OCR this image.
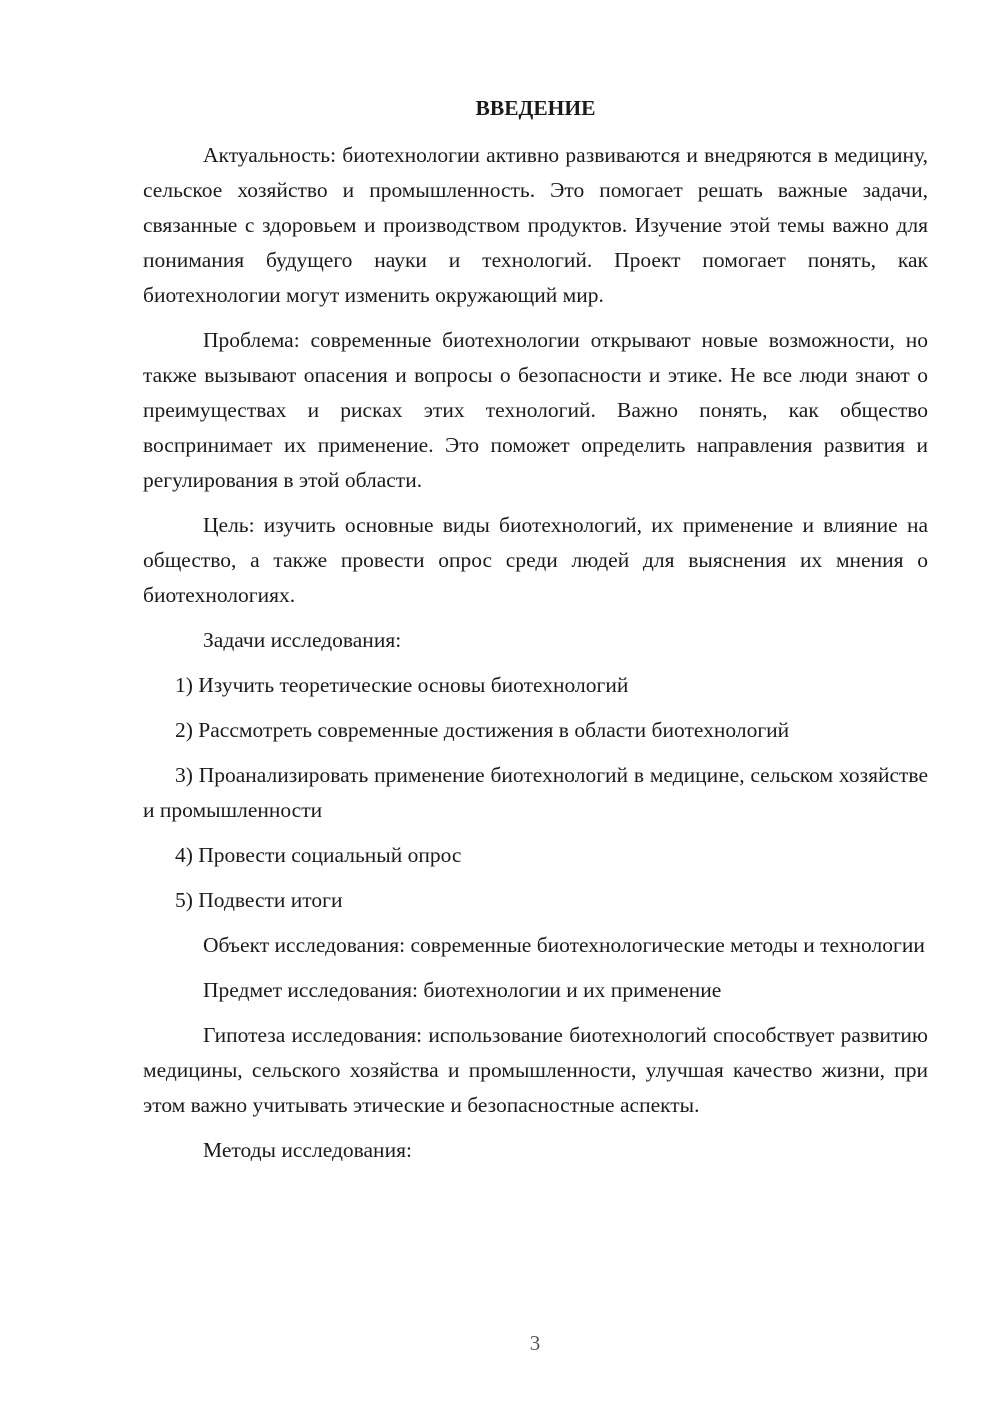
ВВЕДЕНИЕ

Актуальность: биотехнологии активно развиваются и внедряются в медицину, сельское хозяйство и промышленность. Это помогает решать важные задачи, связанные с здоровьем и производством продуктов. Изучение этой темы важно для понимания будущего науки и технологий. Проект помогает понять, как биотехнологии могут изменить окружающий мир.

Проблема: современные биотехнологии открывают новые возможности, но также вызывают опасения и вопросы о безопасности и этике. Не все люди знают о преимуществах и рисках этих технологий. Важно понять, как общество воспринимает их применение. Это поможет определить направления развития и регулирования в этой области.

Цель: изучить основные виды биотехнологий, их применение и влияние на общество, а также провести опрос среди людей для выяснения их мнения о биотехнологиях.

Задачи исследования:

1) Изучить теоретические основы биотехнологий

2) Рассмотреть современные достижения в области биотехнологий

3) Проанализировать применение биотехнологий в медицине, сельском хозяйстве и промышленности

4) Провести социальный опрос

5) Подвести итоги

Объект исследования: современные биотехнологические методы и технологии

Предмет исследования: биотехнологии и их применение

Гипотеза исследования: использование биотехнологий способствует развитию медицины, сельского хозяйства и промышленности, улучшая качество жизни, при этом важно учитывать этические и безопасностные аспекты.

Методы исследования:

3
